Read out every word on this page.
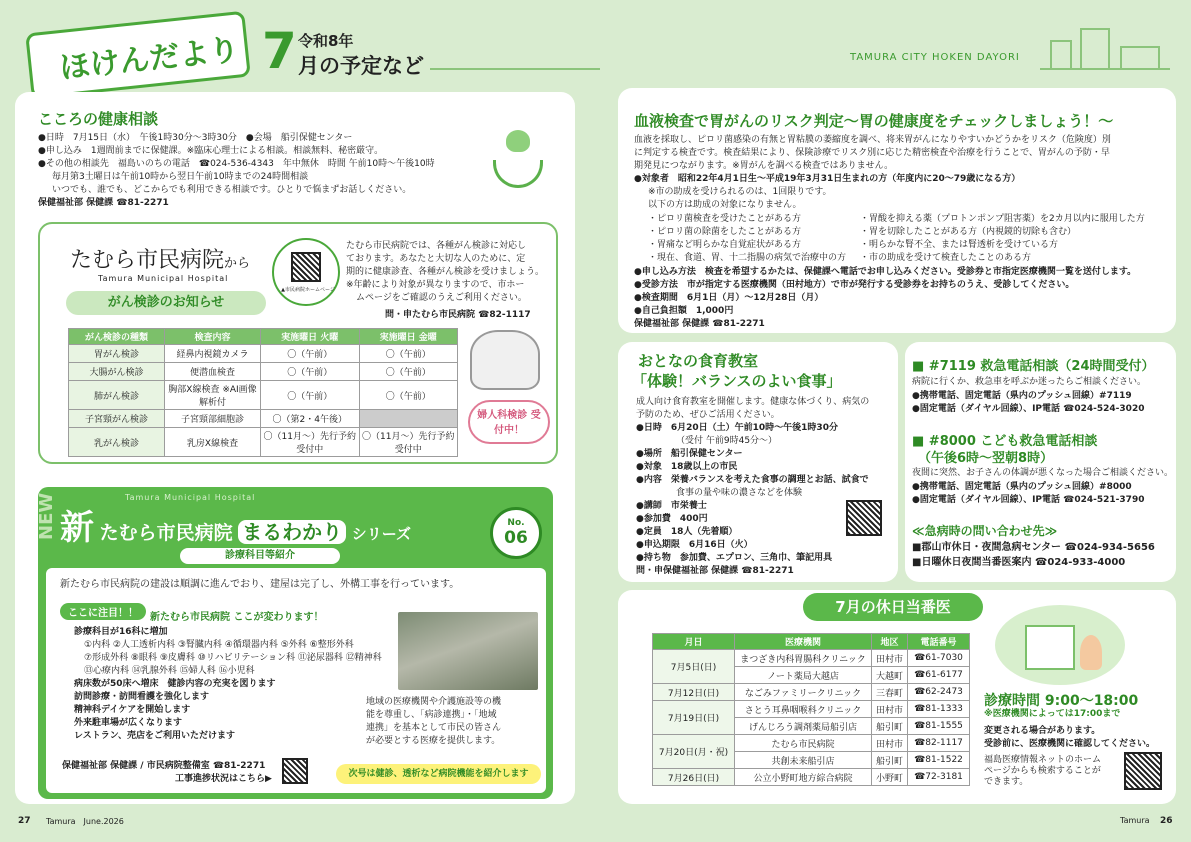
ほけんだより 7 令和8年
月の予定など	TAMURA CITY HOKEN DAYORI
こころの健康相談
●日時　7月15日（水）　午後1時30分～3時30分　●会場　船引保健センター
●申し込み　1週間前までに保健課。※臨床心理士による相談。相談無料、秘密厳守。
●その他の相談先　福島いのちの電話　☎024-536-4343　年中無休　時間 午前10時～午後10時
毎月第3土曜日は午前10時から翌日午前10時までの24時間相談
いつでも、誰でも、どこからでも利用できる相談です。ひとりで悩まずお話しください。
保健福祉部 保健課 ☎81-2271
たむら市民病院から
Tamura Municipal Hospital
▲市民病院ホームページ
がん検診のお知らせ
たむら市民病院では、各種がん検診に対応し
ております。あなたと大切な人のために、定
期的に健康診査、各種がん検診を受けましょう。
※年齢により対象が異なりますので、市ホー
ムページをご確認のうえご利用ください。
問・申たむら市民病院 ☎82-1117
がん検診の種類	検査内容	実施曜日 火曜	実施曜日 金曜
胃がん検診	経鼻内視鏡カメラ	〇（午前）	〇（午前）
大腸がん検診	便潜血検査	〇（午前）	〇（午前）
肺がん検診	胸部X線検査 ※AI画像解析付	〇（午前）	〇（午前）
子宮頸がん検診	子宮頸部細胞診	〇（第2・4午後）	
乳がん検診	乳房X線検査	〇（11月～）先行予約受付中	〇（11月～）先行予約受付中
婦人科検診 受付中！
NEW	Tamura Municipal Hospital
新 たむら市民病院 まるわかり シリーズ
No.
06
診療科目等紹介
新たむら市民病院の建設は順調に進んでおり、建屋は完了し、外構工事を行っています。
ここに注目！！	新たむら市民病院 ここが変わります！
診療科目が16科に増加
①内科 ②人工透析内科 ③腎臓内科 ④循環器内科 ⑤外科 ⑥整形外科
⑦形成外科 ⑧眼科 ⑨皮膚科 ⑩リハビリテーション科 ⑪泌尿器科 ⑫精神科
⑬心療内科 ⑭乳腺外科 ⑮婦人科 ⑯小児科
病床数が50床へ増床　健診内容の充実を図ります
訪問診療・訪問看護を強化します
精神科デイケアを開始します
外来駐車場が広くなります
レストラン、売店をご利用いただけます
地域の医療機関や介護施設等の機
能を尊重し、「病診連携」・「地域
連携」を基本として市民の皆さん
が必要とする医療を提供します。
保健福祉部 保健課 / 市民病院整備室 ☎81-2271
工事進捗状況はこちら▶	次号は健診、透析など病院機能を紹介します
血液検査で胃がんのリスク判定～胃の健康度をチェックしましょう！～
血液を採取し、ピロリ菌感染の有無と胃粘膜の萎縮度を調べ、将来胃がんになりやすいかどうかをリスク（危険度）別
に判定する検査です。検査結果により、保険診療でリスク別に応じた精密検査や治療を行うことで、胃がんの予防・早
期発見につながります。※胃がんを調べる検査ではありません。
●対象者　昭和22年4月1日生～平成19年3月31日生まれの方（年度内に20～79歳になる方）
※市の助成を受けられるのは、1回限りです。
以下の方は助成の対象になりません。
・ピロリ菌検査を受けたことがある方
・ピロリ菌の除菌をしたことがある方
・胃痛など明らかな自覚症状がある方
・現在、食道、胃、十二指腸の病気で治療中の方
・胃酸を抑える薬（プロトンポンプ阻害薬）を2カ月以内に服用した方
・胃を切除したことがある方（内視鏡的切除も含む）
・明らかな腎不全、または腎透析を受けている方
・市の助成を受けて検査したことのある方
●申し込み方法　検査を希望するかたは、保健課へ電話でお申し込みください。受診券と市指定医療機関一覧を送付します。
●受診方法　市が指定する医療機関（田村地方）で市が発行する受診券をお持ちのうえ、受診してください。
●検査期間　6月1日（月）～12月28日（月）
●自己負担額　1,000円
保健福祉部 保健課 ☎81-2271
おとなの食育教室
「体験！バランスのよい食事」
成人向け食育教室を開催します。健康な体づくり、病気の
予防のため、ぜひご活用ください。
●日時　6月20日（土）午前10時～午後1時30分
（受付 午前9時45分～）
●場所　船引保健センター
●対象　18歳以上の市民
●内容　栄養バランスを考えた食事の調理とお話、試食で
食事の量や味の濃さなどを体験
●講師　市栄養士
●参加費　400円
●定員　18人（先着順）
●申込期限　6月16日（火）
●持ち物　参加費、エプロン、三角巾、筆記用具
問・申保健福祉部 保健課 ☎81-2271
■ #7119 救急電話相談（24時間受付）
病院に行くか、救急車を呼ぶか迷ったらご相談ください。
●携帯電話、固定電話（県内のプッシュ回線）#7119
●固定電話（ダイヤル回線）、IP電話 ☎024-524-3020
■ #8000 こども救急電話相談
（午後6時～翌朝8時）
夜間に突然、お子さんの体調が悪くなった場合ご相談ください。
●携帯電話、固定電話（県内のプッシュ回線）#8000
●固定電話（ダイヤル回線）、IP電話 ☎024-521-3790
≪急病時の問い合わせ先≫
■郡山市休日・夜間急病センター ☎024-934-5656
■日曜休日夜間当番医案内 ☎024-933-4000
7月の休日当番医
月日	医療機関	地区	電話番号
7月5日(日)	まつざき内科胃腸科クリニック	田村市	☎61-7030
	ノート薬局大越店	大越町	☎61-6177
7月12日(日)	なごみファミリークリニック	三春町	☎62-2473
7月19日(日)	さとう耳鼻咽喉科クリニック	田村市	☎81-1333
	げんじろう調剤薬局船引店	船引町	☎81-1555
7月20日(月・祝)	たむら市民病院	田村市	☎82-1117
	共創未来船引店	船引町	☎81-1522
7月26日(日)	公立小野町地方綜合病院	小野町	☎72-3181
診療時間 9:00～18:00
※医療機関によっては17:00まで
変更される場合があります。
受診前に、医療機関に確認してください。
福島医療情報ネットのホーム
ページからも検索することが
できます。
27 Tamura　June.2026	Tamura 26
